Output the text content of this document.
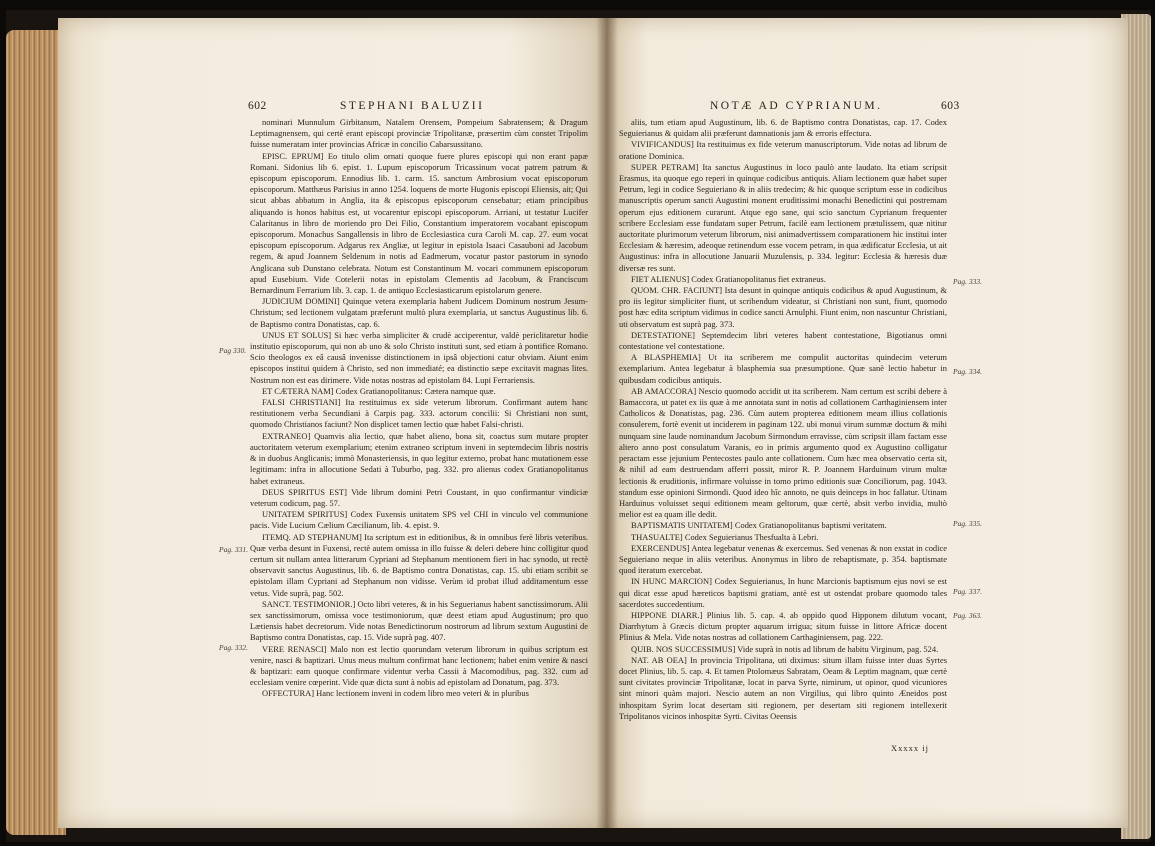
602	STEPHANI BALUZII

nominari Munnulum Girbitanum, Natalem Orensem, Pompeium Sabratensem; & Dragum Leptimagnensem, qui certè erant episcopi provinciæ Tripolitanæ, præsertim cùm constet Tripolim fuisse numeratam inter provincias Africæ in concilio Cabarsussitano.

EPISC. EPRUM] Eo titulo olim ornati quoque fuere plures episcopi qui non erant papæ Romani. Sidonius lib 6. epist. 1. Lupum episcoporum Tricassinum vocat patrem patrum & episcopum episcoporum. Ennodius lib. 1. carm. 15. sanctum Ambrosium vocat episcoporum episcoporum. Matthæus Parisius in anno 1254. loquens de morte Hugonis episcopi Eliensis, ait; Qui sicut abbas abbatum in Anglia, ita & episcopus episcoporum censebatur; etiam principibus aliquando is honos habitus est, ut vocarentur episcopi episcoporum. Arriani, ut testatur Lucifer Calaritanus in libro de moriendo pro Dei Filio, Constantium imperatorem vocabant episcopum episcoporum. Monachus Sangallensis in libro de Ecclesiastica cura Caroli M. cap. 27. eum vocat episcopum episcoporum. Adgarus rex Angliæ, ut legitur in epistola Isaaci Casauboni ad Jacobum regem, & apud Joannem Seldenum in notis ad Eadmerum, vocatur pastor pastorum in synodo Anglicana sub Dunstano celebrata. Notum est Constantinum M. vocari communem episcoporum apud Eusebium. Vide Cotelerii notas in epistolam Clementis ad Jacobum, & Franciscum Bernardinum Ferrarium lib. 3. cap. 1. de antiquo Ecclesiasticarum epistolarum genere.

JUDICIUM DOMINI] Quinque vetera exemplaria habent Judicem Dominum nostrum Jesum-Christum; sed lectionem vulgatam præferunt multò plura exemplaria, ut sanctus Augustinus lib. 6. de Baptismo contra Donatistas, cap. 6.

UNUS ET SOLUS] Si hæc verba simpliciter & crudè acciperentur, valdè periclitaretur hodie institutio episcoporum, qui non ab uno & solo Christo instituti sunt, sed etiam à pontifice Romano. Scio theologos ex eâ causâ invenisse distinctionem in ipsâ objectioni catur obviam. Aiunt enim episcopos institui quidem à Christo, sed non immediaté; ea distinctio sæpe excitavit magnas lites. Nostrum non est eas dirimere. Vide notas nostras ad epistolam 84. Lupi Ferrariensis.

ET CÆTERA NAM] Codex Gratianopolitanus: Cætera namque quæ.

FALSI CHRISTIANI] Ita restituimus ex side veterum librorum. Confirmant autem hanc restitutionem verba Secundiani à Carpis pag. 333. actorum concilii: Si Christiani non sunt, quomodo Christianos faciunt? Non displicet tamen lectio quæ habet Falsi-christi.

EXTRANEO] Quamvis alia lectio, quæ habet alieno, bona sit, coactus sum mutare propter auctoritatem veterum exemplarium; etenim extraneo scriptum inveni in septemdecim libris nostris & in duobus Anglicanis; immò Monasteriensis, in quo legitur externo, probat hanc mutationem esse legitimam: infra in allocutione Sedati à Tuburbo, pag. 332. pro alienus codex Gratianopolitanus habet extraneus.

DEUS SPIRITUS EST] Vide librum domini Petri Coustant, in quo confirmantur vindiciæ veterum codicum, pag. 57.

UNITATEM SPIRITUS] Codex Fuxensis unitatem SPS vel CHI in vinculo vel communione pacis. Vide Lucium Cælium Cæcilianum, lib. 4. epist. 9.

ITEMQ. AD STEPHANUM] Ita scriptum est in editionibus, & in omnibus ferè libris veteribus. Quæ verba desunt in Fuxensi, rectè autem omissa in illo fuisse & deleri debere hinc colligitur quod certum sit nullam antea litterarum Cypriani ad Stephanum mentionem fieri in hac synodo, ut rectè observavit sanctus Augustinus, lib. 6. de Baptismo contra Donatistas, cap. 15. ubi etiam scribit se epistolam illam Cypriani ad Stephanum non vidisse. Verùm id probat illud additamentum esse vetus. Vide suprà, pag. 502.

SANCT. TESTIMONIOR.] Octo libri veteres, & in his Seguerianus habent sanctissimorum. Alii sex sanctissimorum, omissa voce testimoniorum, quæ deest etiam apud Augustinum; pro quo Lætiensis habet decretorum. Vide notas Benedictinorum nostrorum ad librum sextum Augustini de Baptismo contra Donatistas, cap. 15. Vide suprà pag. 407.

VERE RENASCI] Malo non est lectio quorundam veterum librorum in quibus scriptum est venire, nasci & baptizari. Unus meus multum confirmat hanc lectionem; habet enim venire & nasci & baptizari: eam quoque confirmare videntur verba Cassii à Macomodibus, pag. 332. cum ad ecclesiam venire cœperint. Vide quæ dicta sunt à nobis ad epistolam ad Donatum, pag. 373.

OFFECTURA] Hanc lectionem inveni in codem libro meo veteri & in pluribus

Pag 330.
Pag. 331.
Pag. 332.
NOTÆ AD CYPRIANUM.	603

aliis, tum etiam apud Augustinum, lib. 6. de Baptismo contra Donatistas, cap. 17. Codex Seguierianus & quidam alii præferunt damnationis jam & erroris effectura.

VIVIFICANDUS] Ita restituimus ex fide veterum manuscriptorum. Vide notas ad librum de oratione Dominica.

SUPER PETRAM] Ita sanctus Augustinus in loco paulò ante laudato. Ita etiam scripsit Erasmus, ita quoque ego reperi in quinque codicibus antiquis. Aliam lectionem quæ habet super Petrum, legi in codice Seguieriano & in aliis tredecim; & hic quoque scriptum esse in codicibus manuscriptis operum sancti Augustini monent eruditissimi monachi Benedictini qui postremam operum ejus editionem curarunt. Atque ego sane, qui scio sanctum Cyprianum frequenter scribere Ecclesiam esse fundatam super Petrum, facilè eam lectionem prætulissem, quæ nititur auctoritate plurimorum veterum librorum, nisi animadvertissem comparationem hic institui inter Ecclesiam & hæresim, adeoque retinendum esse vocem petram, in qua ædificatur Ecclesia, ut ait Augustinus: infra in allocutione Januarii Muzulensis, p. 334. legitur: Ecclesia & hæresis duæ diversæ res sunt.

FIET ALIENUS] Codex Gratianopolitanus fiet extraneus.

QUOM. CHR. FACIUNT] Ista desunt in quinque antiquis codicibus & apud Augustinum, & pro iis legitur simpliciter fiunt, ut scribendum videatur, si Christiani non sunt, fiunt, quomodo post hæc edita scriptum vidimus in codice sancti Arnulphi. Fiunt enim, non nascuntur Christiani, uti observatum est suprà pag. 373.

DETESTATIONE] Septemdecim libri veteres habent contestatione, Bigotianus omni contestatione vel contestatione.

A BLASPHEMIA] Ut ita scriberem me compulit auctoritas quindecim veterum exemplarium. Antea legebatur à blasphemia sua præsumptione. Quæ sanè lectio habetur in quibusdam codicibus antiquis.

AB AMACCORA] Nescio quomodo accidit ut ita scriberem. Nam certum est scribi debere à Bamaccora, ut patet ex iis quæ à me annotata sunt in notis ad collationem Carthaginiensem inter Catholicos & Donatistas, pag. 236. Cùm autem propterea editionem meam illius collationis consulerem, fortè evenit ut inciderem in paginam 122. ubi monui virum summæ doctum & mihi nunquam sine laude nominandum Jacobum Sirmondum erravisse, cùm scripsit illam factam esse altero anno post consulatum Varanis, eo in primis argumento quod ex Augustino colligatur peractam esse jejunium Pentecostes paulo ante collationem. Cum hæc mea observatio certa sit, & nihil ad eam destruendam afferri possit, miror R. P. Joannem Harduinum virum multæ lectionis & eruditionis, infirmare voluisse in tomo primo editionis suæ Conciliorum, pag. 1043. standum esse opinioni Sirmondi. Quod ideo hîc annoto, ne quis deinceps in hoc fallatur. Utinam Harduinus voluisset sequi editionem meam geltorum, quæ certè, absit verbo invidia, multò melior est ea quam ille dedit.

BAPTISMATIS UNITATEM] Codex Gratianopolitanus baptismi veritatem.

THASUALTE] Codex Seguierianus Thesfualta à Lebri.

EXERCENDUS] Antea legebatur venenas & exercemus. Sed venenas & non exstat in codice Seguieriano neque in aliis veteribus. Anonymus in libro de rebaptismate, p. 354. baptismate quod iteratum exercebat.

IN HUNC MARCION] Codex Seguierianus, In hunc Marcionis baptismum ejus novi se est qui dicat esse apud hæreticos baptismi gratiam, antè est ut ostendat probare quomodo tales sacerdotes succedentium.

HIPPONE DIARR.] Plinius lib. 5. cap. 4. ab oppido quod Hipponem dilutum vocant, Diarrhytum à Græcis dictum propter aquarum irrigua; situm fuisse in littore Africæ docent Plinius & Mela. Vide notas nostras ad collationem Carthaginiensem, pag. 222.

QUIB. NOS SUCCESSIMUS] Vide suprà in notis ad librum de habitu Virginum, pag. 524.

NAT. AB OEA] In provincia Tripolitana, uti diximus: situm illam fuisse inter duas Syrtes docet Plinius, lib. 5. cap. 4. Et tamen Ptolomæus Sabratam, Oeam & Leptim magnam, quæ certè sunt civitates provinciæ Tripolitanæ, locat in parva Syrte, nimirum, ut opinor, quod vicuniores sint minori quàm majori. Nescio autem an non Virgilius, qui libro quinto Æneidos post inhospitam Syrim locat desertam siti regionem, per desertam siti regionem intellexerit Tripolitanos vicinos inhospitæ Syrti. Civitas Oeensis

Pag. 333.
Pag. 334.
Pag. 335.
Pag. 337.
Pag. 363.
Xxxxx ij
